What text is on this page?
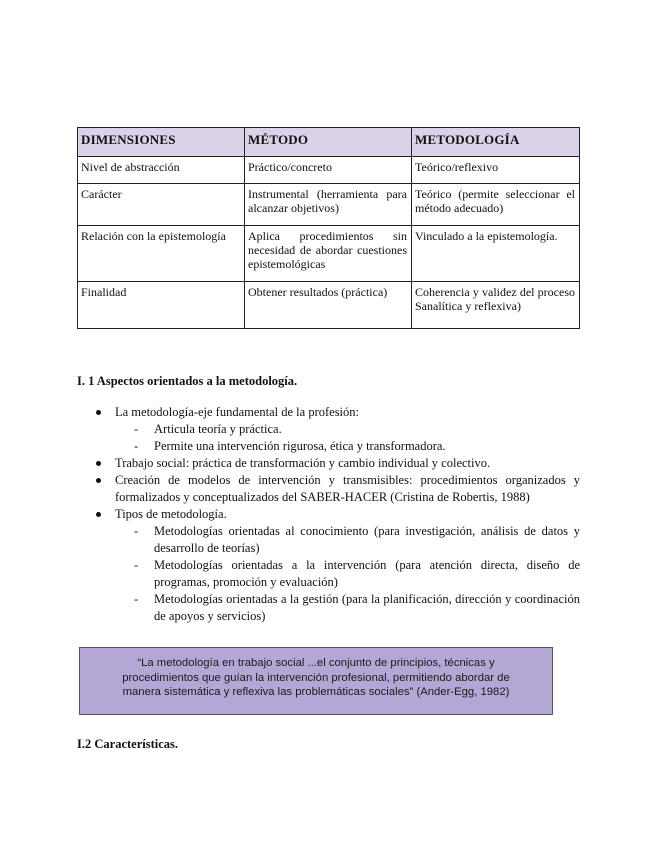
DIMENSIONES	MÉTODO	METODOLOGÍA
Nivel de abstracción	Práctico/concreto	Teórico/reflexivo
Carácter	Instrumental (herramienta para alcanzar objetivos)	Teórico (permite seleccionar el método adecuado)
Relación con la epistemología	Aplica procedimientos sin necesidad de abordar cuestiones epistemológicas	Vinculado a la epistemología.
Finalidad	Obtener resultados (práctica)	Coherencia y validez del proceso Sanalítica y reflexiva)
I. 1 Aspectos orientados a la metodología.
La metodología-eje fundamental de la profesión:
- Articula teoría y práctica.
- Permite una intervención rigurosa, ética y transformadora.
Trabajo social: práctica de transformación y cambio individual y colectivo.
Creación de modelos de intervención y transmisibles: procedimientos organizados y formalizados y conceptualizados del SABER-HACER (Cristina de Robertis, 1988)
Tipos de metodología.
- Metodologías orientadas al conocimiento (para investigación, análisis de datos y desarrollo de teorías)
- Metodologías orientadas a la intervención (para atención directa, diseño de programas, promoción y evaluación)
- Metodologías orientadas a la gestión (para la planificación, dirección y coordinación de apoyos y servicios)
“La metodología en trabajo social ...el conjunto de principios, técnicas y procedimientos que guían la intervención profesional, permitiendo abordar de manera sistemática y reflexiva las problemáticas sociales” (Ander-Egg, 1982)
I.2 Características.
